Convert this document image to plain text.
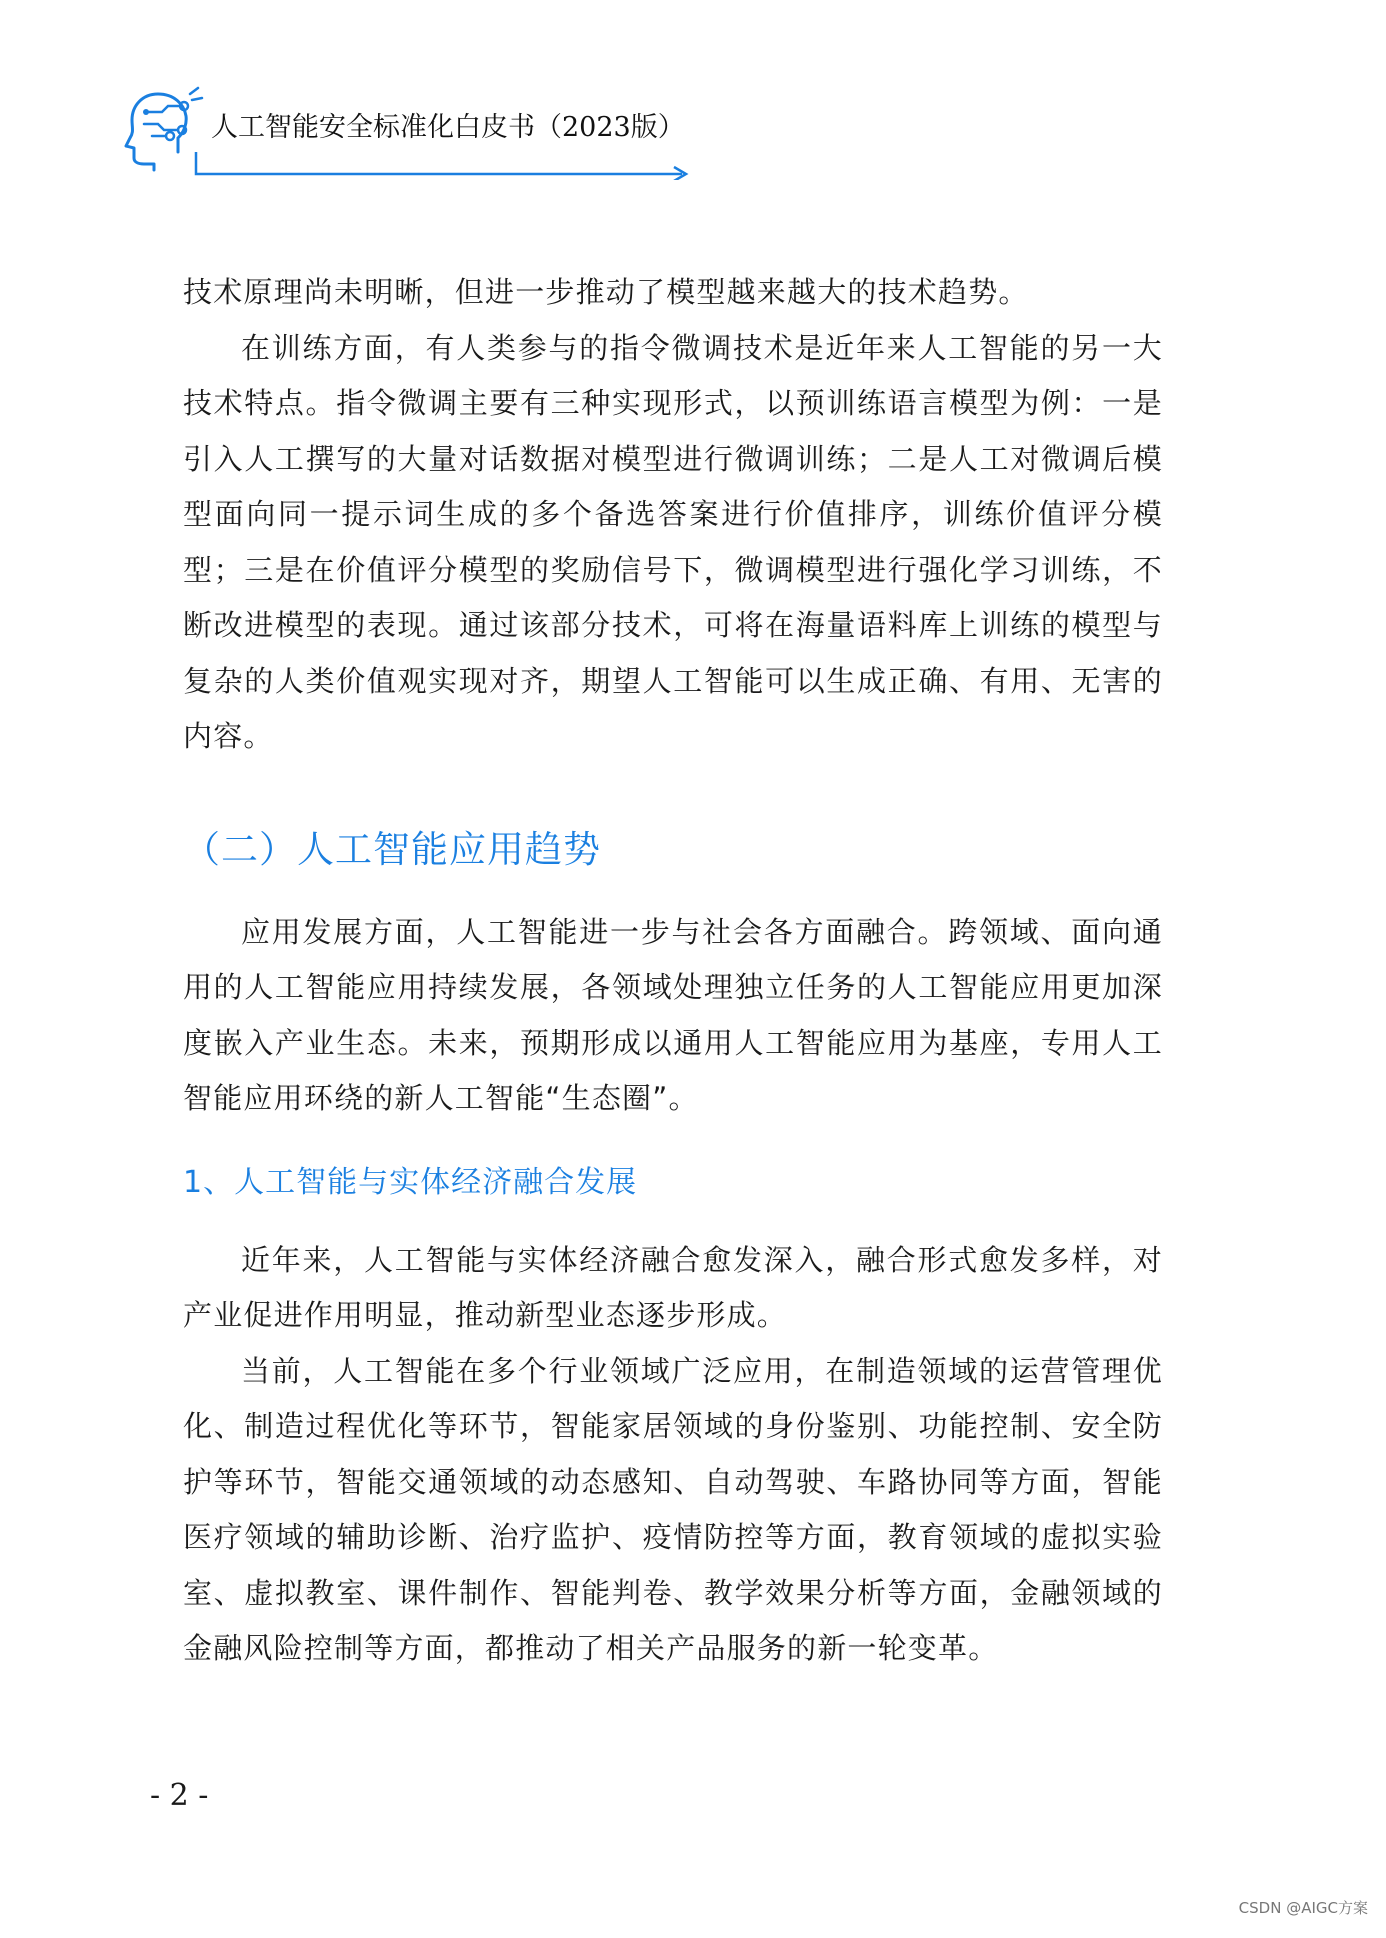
人工智能安全标准化白皮书（2023版）

技术原理尚未明晰，但进一步推动了模型越来越大的技术趋势。

在训练方面，有人类参与的指令微调技术是近年来人工智能的另一大技术特点。指令微调主要有三种实现形式，以预训练语言模型为例：一是引入人工撰写的大量对话数据对模型进行微调训练；二是人工对微调后模型面向同一提示词生成的多个备选答案进行价值排序，训练价值评分模型；三是在价值评分模型的奖励信号下，微调模型进行强化学习训练，不断改进模型的表现。通过该部分技术，可将在海量语料库上训练的模型与复杂的人类价值观实现对齐，期望人工智能可以生成正确、有用、无害的内容。

（二）人工智能应用趋势

应用发展方面，人工智能进一步与社会各方面融合。跨领域、面向通用的人工智能应用持续发展，各领域处理独立任务的人工智能应用更加深度嵌入产业生态。未来，预期形成以通用人工智能应用为基座，专用人工智能应用环绕的新人工智能“生态圈”。

1、人工智能与实体经济融合发展

近年来，人工智能与实体经济融合愈发深入，融合形式愈发多样，对产业促进作用明显，推动新型业态逐步形成。

当前，人工智能在多个行业领域广泛应用，在制造领域的运营管理优化、制造过程优化等环节，智能家居领域的身份鉴别、功能控制、安全防护等环节，智能交通领域的动态感知、自动驾驶、车路协同等方面，智能医疗领域的辅助诊断、治疗监护、疫情防控等方面，教育领域的虚拟实验室、虚拟教室、课件制作、智能判卷、教学效果分析等方面，金融领域的金融风险控制等方面，都推动了相关产品服务的新一轮变革。

- 2 -
CSDN @AIGC方案
